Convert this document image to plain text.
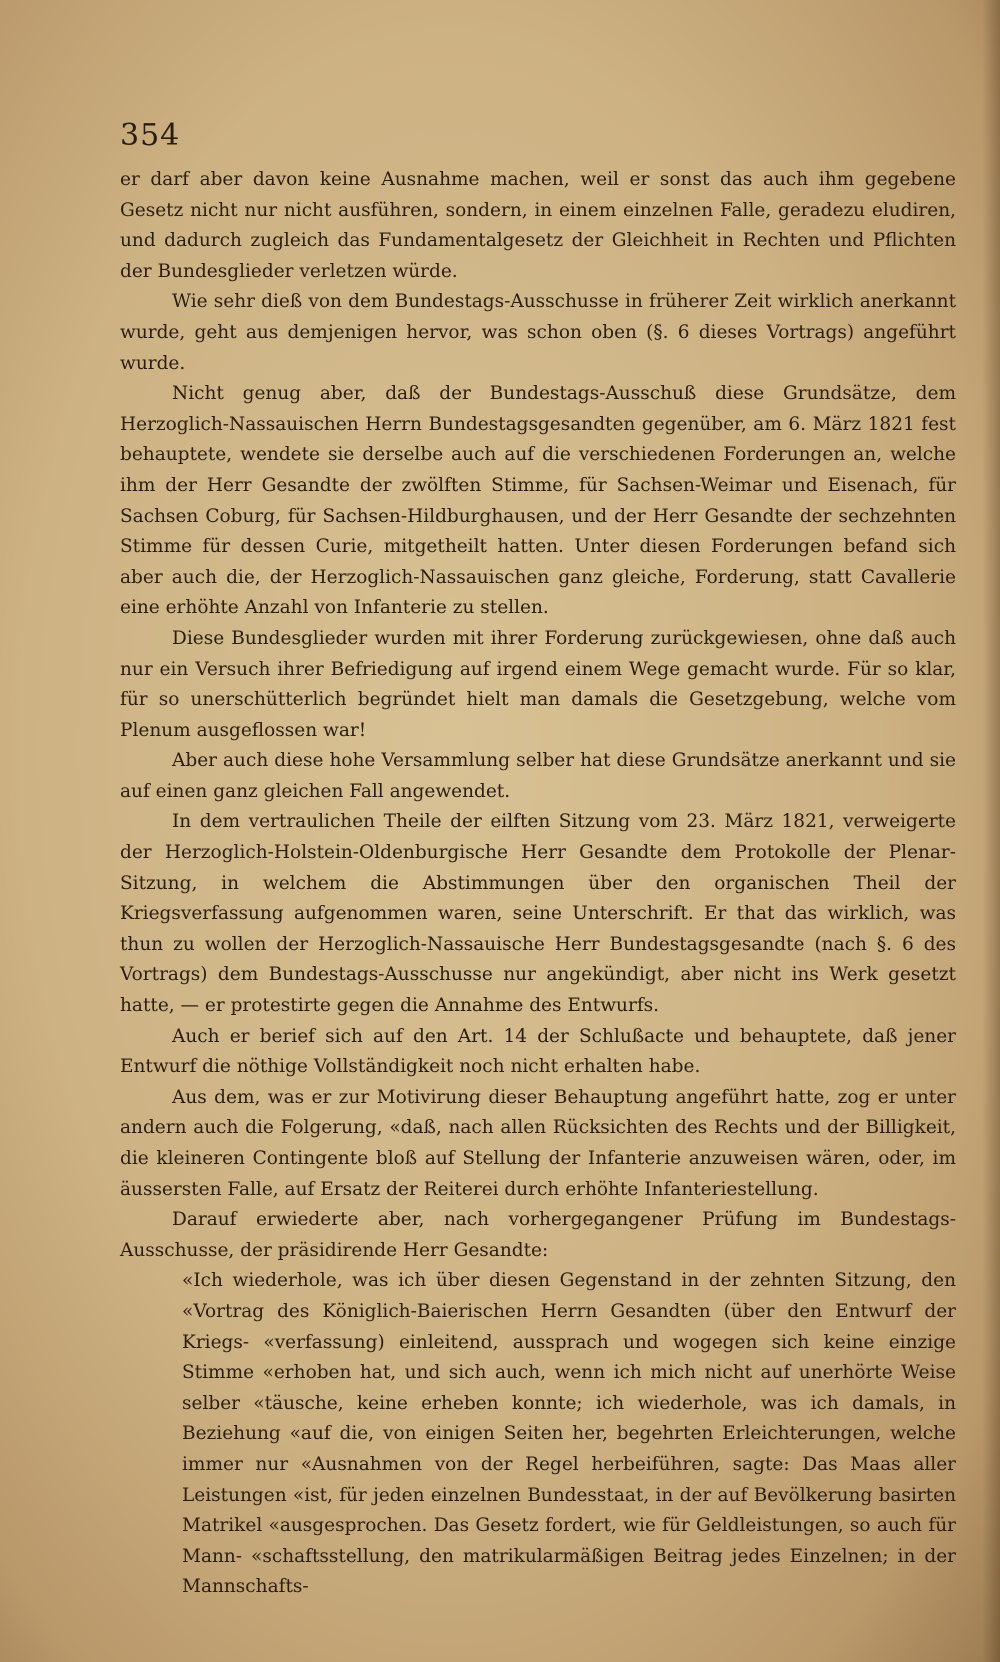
354

er darf aber davon keine Ausnahme machen, weil er sonst das auch ihm gegebene Gesetz nicht nur nicht ausführen, sondern, in einem einzelnen Falle, geradezu eludiren, und dadurch zugleich das Fundamentalgesetz der Gleichheit in Rechten und Pflichten der Bundesglieder verletzen würde.

Wie sehr dieß von dem Bundestags-Ausschusse in früherer Zeit wirklich anerkannt wurde, geht aus demjenigen hervor, was schon oben (§. 6 dieses Vortrags) angeführt wurde.

Nicht genug aber, daß der Bundestags-Ausschuß diese Grundsätze, dem Herzoglich-Nassauischen Herrn Bundestagsgesandten gegenüber, am 6. März 1821 fest behauptete, wendete sie derselbe auch auf die verschiedenen Forderungen an, welche ihm der Herr Gesandte der zwölften Stimme, für Sachsen-Weimar und Eisenach, für Sachsen Coburg, für Sachsen-Hildburghausen, und der Herr Gesandte der sechzehnten Stimme für dessen Curie, mitgetheilt hatten. Unter diesen Forderungen befand sich aber auch die, der Herzoglich-Nassauischen ganz gleiche, Forderung, statt Cavallerie eine erhöhte Anzahl von Infanterie zu stellen.

Diese Bundesglieder wurden mit ihrer Forderung zurückgewiesen, ohne daß auch nur ein Versuch ihrer Befriedigung auf irgend einem Wege gemacht wurde. Für so klar, für so unerschütterlich begründet hielt man damals die Gesetzgebung, welche vom Plenum ausgeflossen war!

Aber auch diese hohe Versammlung selber hat diese Grundsätze anerkannt und sie auf einen ganz gleichen Fall angewendet.

In dem vertraulichen Theile der eilften Sitzung vom 23. März 1821, verweigerte der Herzoglich-Holstein-Oldenburgische Herr Gesandte dem Protokolle der Plenar-Sitzung, in welchem die Abstimmungen über den organischen Theil der Kriegsverfassung aufgenommen waren, seine Unterschrift. Er that das wirklich, was thun zu wollen der Herzoglich-Nassauische Herr Bundestagsgesandte (nach §. 6 des Vortrags) dem Bundestags-Ausschusse nur angekündigt, aber nicht ins Werk gesetzt hatte, — er protestirte gegen die Annahme des Entwurfs.

Auch er berief sich auf den Art. 14 der Schlußacte und behauptete, daß jener Entwurf die nöthige Vollständigkeit noch nicht erhalten habe.

Aus dem, was er zur Motivirung dieser Behauptung angeführt hatte, zog er unter andern auch die Folgerung, «daß, nach allen Rücksichten des Rechts und der Billigkeit, die kleineren Contingente bloß auf Stellung der Infanterie anzuweisen wären, oder, im äussersten Falle, auf Ersatz der Reiterei durch erhöhte Infanteriestellung.

Darauf erwiederte aber, nach vorhergegangener Prüfung im Bundestags-Ausschusse, der präsidirende Herr Gesandte:

«Ich wiederhole, was ich über diesen Gegenstand in der zehnten Sitzung, den «Vortrag des Königlich-Baierischen Herrn Gesandten (über den Entwurf der Kriegs- «verfassung) einleitend, aussprach und wogegen sich keine einzige Stimme «erhoben hat, und sich auch, wenn ich mich nicht auf unerhörte Weise selber «täusche, keine erheben konnte; ich wiederhole, was ich damals, in Beziehung «auf die, von einigen Seiten her, begehrten Erleichterungen, welche immer nur «Ausnahmen von der Regel herbeiführen, sagte: Das Maas aller Leistungen «ist, für jeden einzelnen Bundesstaat, in der auf Bevölkerung basirten Matrikel «ausgesprochen. Das Gesetz fordert, wie für Geldleistungen, so auch für Mann- «schaftsstellung, den matrikularmäßigen Beitrag jedes Einzelnen; in der Mannschafts-
